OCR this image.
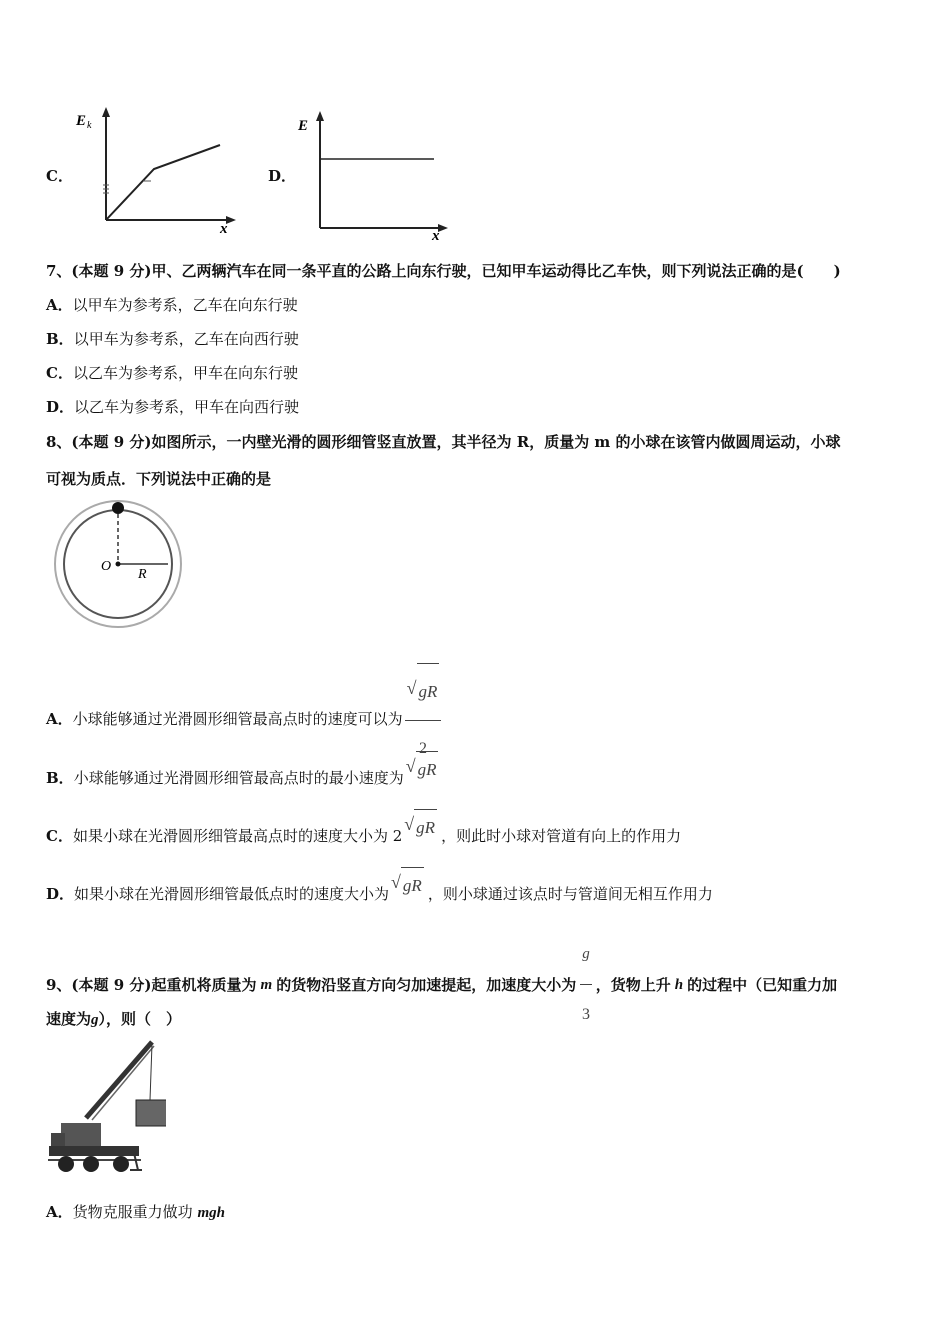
C．
E k
x
D．
E
x
7、(本题 9 分)甲、乙两辆汽车在同一条平直的公路上向东行驶，已知甲车运动得比乙车快，则下列说法正确的是(　　)
A．以甲车为参考系，乙车在向东行驶
B．以甲车为参考系，乙车在向西行驶
C．以乙车为参考系，甲车在向东行驶
D．以乙车为参考系，甲车在向西行驶
8、(本题 9 分)如图所示，一内壁光滑的圆形细管竖直放置，其半径为 R，质量为 m 的小球在该管内做圆周运动，小球
可视为质点．下列说法中正确的是
O
R
A． 小球能够通过光滑圆形细管最高点时的速度可以为 $\frac{√ gR}{2}$
B． 小球能够通过光滑圆形细管最高点时的最小速度为
√ gR
C． 如果小球在光滑圆形细管最高点时的速度大小为 2
√ gR ，则此时小球对管道有向上的作用力
D． 如果小球在光滑圆形细管最低点时的速度大小为
√ gR ，则小球通过该点时与管道间无相互作用力
9、(本题 9 分)起重机将质量为 m 的货物沿竖直方向匀加速提起，加速度大小为 $\frac{g}{3}$ ，货物上升 h 的过程中（已知重力加
速度为g），则（　）
A．货物克服重力做功 mgh
